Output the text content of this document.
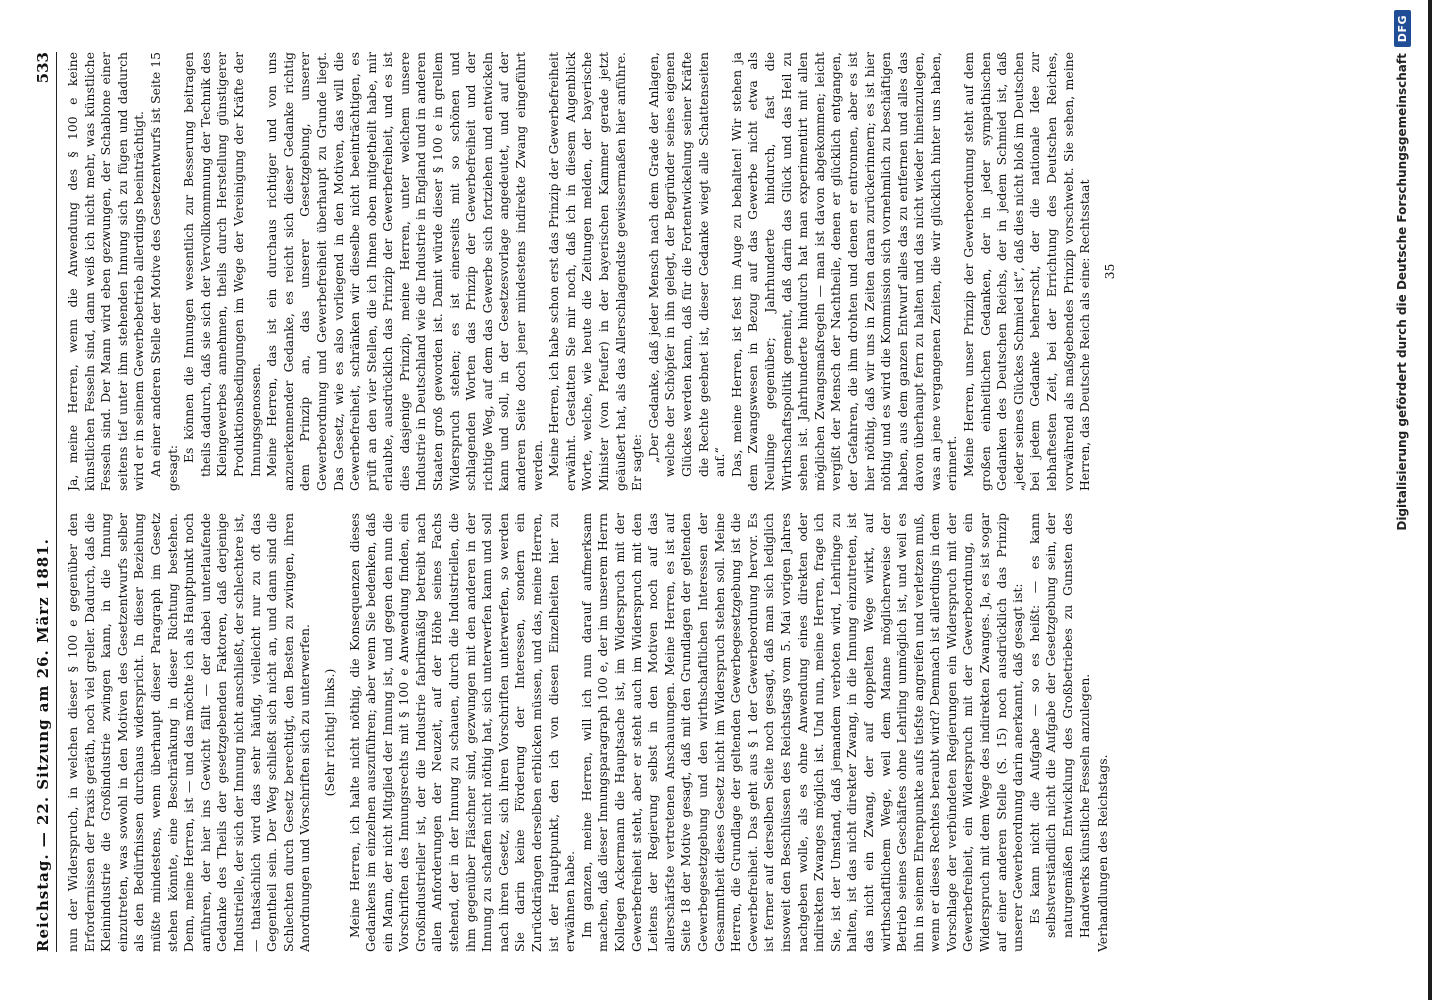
Reichstag. — 22. Sitzung am 26. März 1881.
533

nun der Widerspruch, in welchen dieser § 100 e gegenüber den Erfordernissen der Praxis geräth, noch viel greller. Dadurch, daß die Kleinindustrie die Großindustrie zwingen kann, in die Innung einzutreten, was sowohl in den Motiven des Gesetzentwurfs selber als den Bedürfnissen durchaus widerspricht. In dieser Beziehung müßte mindestens, wenn überhaupt dieser Paragraph im Gesetz stehen könnte, eine Beschränkung in dieser Richtung bestehen. Denn, meine Herren, ist — und das möchte ich als Hauptpunkt noch anführen, der hier ins Gewicht fällt — der dabei unterlaufende Gedanke des Theils der gesetzgebenden Faktoren, daß derjenige Industrielle, der sich der Innung nicht anschließt, der schlechtere ist, — thatsächlich wird das sehr häufig, vielleicht nur zu oft das Gegentheil sein. Der Weg schließt sich nicht an, und dann sind die Schlechten durch Gesetz berechtigt, den Besten zu zwingen, ihren Anordnungen und Vorschriften sich zu unterwerfen. (Sehr richtig! links.) Meine Herren, ich halte nicht nöthig, die Konsequenzen dieses Gedankens im einzelnen auszuführen; aber wenn Sie bedenken, daß ein Mann, der nicht Mitglied der Innung ist, und gegen den nun die Vorschriften des Innungsrechts mit § 100 e Anwendung finden, ein Großindustrieller ist, der die Industrie fabrikmäßig betreibt nach allen Anforderungen der Neuzeit, auf der Höhe seines Fachs stehend, der in der Innung zu schauen, durch die Industriellen, die ihm gegenüber Fläschner sind, gezwungen mit den anderen in der Innung zu schaffen nicht nöthig hat, sich unterwerfen kann und soll nach ihren Gesetz, sich ihren Vorschriften unterwerfen, so werden Sie darin keine Förderung der Interessen, sondern ein Zurückdrängen derselben erblicken müssen, und das, meine Herren, ist der Hauptpunkt, den ich von diesen Einzelheiten hier zu erwähnen habe. Im ganzen, meine Herren, will ich nun darauf aufmerksam machen, daß dieser Innungsparagraph 100 e, der im unserem Herrn Kollegen Ackermann die Hauptsache ist, im Widerspruch mit der Gewerbefreiheit steht, aber er steht auch im Widerspruch mit den Leitens der Regierung selbst in den Motiven noch auf das allerschärfste vertretenen Anschauungen. Meine Herren, es ist auf Seite 18 der Motive gesagt, daß mit den Grundlagen der geltenden Gewerbegesetzgebung und den wirthschaftlichen Interessen der Gesammtheit dieses Gesetz nicht im Widerspruch stehen soll. Meine Herren, die Grundlage der geltenden Gewerbegesetzgebung ist die Gewerbefreiheit. Das geht aus § 1 der Gewerbeordnung hervor. Es ist ferner auf derselben Seite noch gesagt, daß man sich lediglich insoweit den Beschlüssen des Reichstags vom 5. Mai vorigen Jahres nachgeben wolle, als es ohne Anwendung eines direkten oder indirekten Zwanges möglich ist. Und nun, meine Herren, frage ich Sie, ist der Umstand, daß jemandem verboten wird, Lehrlinge zu halten, ist das nicht direkter Zwang, in die Innung einzutreten, ist das nicht ein Zwang, der auf doppelten Wege wirkt, auf wirthschaftlichem Wege, weil dem Manne möglicherweise der Betrieb seines Geschäftes ohne Lehrling unmöglich ist, und weil es ihn in seinem Ehrenpunkte aufs tiefste angreifen und verletzen muß, wenn er dieses Rechtes beraubt wird? Demnach ist allerdings in dem Vorschlage der verbündeten Regierungen ein Widerspruch mit der Gewerbefreiheit, ein Widerspruch mit der Gewerbeordnung, ein Widerspruch mit dem Wege des indirekten Zwanges. Ja, es ist sogar auf einer anderen Stelle (S. 15) noch ausdrücklich das Prinzip unserer Gewerbeordnung darin anerkannt, daß gesagt ist: Es kann nicht die Aufgabe — so es heißt: — es kann selbstverständlich nicht die Aufgabe der Gesetzgebung sein, der naturgemäßen Entwicklung des Großbetriebes zu Gunsten des Handwerks künstliche Fesseln anzulegen. Verhandlungen des Reichstags.

Ja, meine Herren, wenn die Anwendung des § 100 e keine künstlichen Fesseln sind, dann weiß ich nicht mehr, was künstliche Fesseln sind. Der Mann wird eben gezwungen, der Schablone einer seitens tief unter ihm stehenden Innung sich zu fügen und dadurch wird er in seinem Gewerbebetrieb allerdings beeinträchtigt. An einer anderen Stelle der Motive des Gesetzentwurfs ist Seite 15 gesagt:

Es können die Innungen wesentlich zur Besserung beitragen theils dadurch, daß sie sich der Vervollkommnung der Technik des Kleingewerbes annehmen, theils durch Herstellung günstigerer Produktionsbedingungen im Wege der Vereinigung der Kräfte der Innungsgenossen. Meine Herren, das ist ein durchaus richtiger und von uns anzuerkennender Gedanke, es reicht sich dieser Gedanke richtig dem Prinzip an, das unserer Gesetzgebung, unserer Gewerbeordnung und Gewerbefreiheit überhaupt zu Grunde liegt. Das Gesetz, wie es also vorliegend in den Motiven, das will die Gewerbefreiheit, schränken wir dieselbe nicht beeinträchtigen, es prüft an den vier Stellen, die ich Ihnen oben mitgetheilt habe, mir erlaubte, ausdrücklich das Prinzip der Gewerbefreiheit, und es ist dies dasjenige Prinzip, meine Herren, unter welchem unsere Industrie in Deutschland wie die Industrie in England und in anderen Staaten groß geworden ist. Damit würde dieser § 100 e in grellem Widerspruch stehen; es ist einerseits mit so schönen und schlagenden Worten das Prinzip der Gewerbefreiheit und der richtige Weg, auf dem das Gewerbe sich fortziehen und entwickeln kann und soll, in der Gesetzesvorlage angedeutet, und auf der anderen Seite doch jener mindestens indirekte Zwang eingeführt werden. Meine Herren, ich habe schon erst das Prinzip der Gewerbefreiheit erwähnt. Gestatten Sie mir noch, daß ich in diesem Augenblick Worte, welche, wie heute die Zeitungen melden, der bayerische Minister (von Pfeufer) in der bayerischen Kammer gerade jetzt geäußert hat, als das Allerschlagendste gewissermaßen hier anführe. Er sagte: „Der Gedanke, daß jeder Mensch nach dem Grade der Anlagen, welche der Schöpfer in ihn gelegt, der Begründer seines eigenen Glückes werden kann, daß für die Fortentwickelung seiner Kräfte die Rechte geebnet ist, dieser Gedanke wiegt alle Schattenseiten auf.“ Das, meine Herren, ist fest im Auge zu behalten! Wir stehen ja dem Zwangswesen in Bezug auf das Gewerbe nicht etwa als Neulinge gegenüber; Jahrhunderte hindurch, fast die Wirthschaftspolitik gemeint, daß darin das Glück und das Heil zu sehen ist. Jahrhunderte hindurch hat man experimentirt mit allen möglichen Zwangsmaßregeln — man ist davon abgekommen; leicht vergißt der Mensch der Nachtheile, denen er glücklich entgangen, der Gefahren, die ihm drohten und denen er entronnen, aber es ist hier nöthig, daß wir uns in Zeiten daran zurückerinnern; es ist hier nöthig und es wird die Kommission sich vornehmlich zu beschäftigen haben, aus dem ganzen Entwurf alles das zu entfernen und alles das davon überhaupt fern zu halten und das nicht wieder hineinzulegen, was an jene vergangenen Zeiten, die wir glücklich hinter uns haben, erinnert. Meine Herren, unser Prinzip der Gewerbeordnung steht auf dem großen einheitlichen Gedanken, der in jeder sympathischen Gedanken des Deutschen Reichs, der in jedem Schmied ist, daß „jeder seines Glückes Schmied ist“, daß dies nicht bloß im Deutschen bei jedem Gedanke beherrscht, der die nationale Idee zur lebhaftesten Zeit, bei der Errichtung des Deutschen Reiches, vorwährend als maßgebendes Prinzip vorschwebt. Sie sehen, meine Herren, das Deutsche Reich als eine: Rechtsstaat 35	Digitalisierung gefördert durch die Deutsche Forschungsgemeinschaft
DFG
